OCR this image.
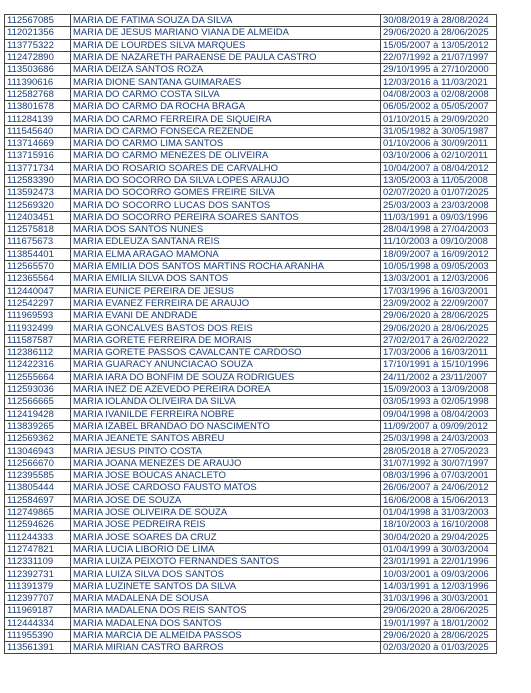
112567085	MARIA DE FATIMA SOUZA DA SILVA	30/08/2019 à 28/08/2024
112021356	MARIA DE JESUS MARIANO VIANA DE ALMEIDA	29/06/2020 à 28/06/2025
113775322	MARIA DE LOURDES SILVA MARQUES	15/05/2007 à 13/05/2012
112472890	MARIA DE NAZARETH PARAENSE DE PAULA CASTRO	22/07/1992 à 21/07/1997
113503686	MARIA DEIZA SANTOS ROZA	29/10/1995 à 27/10/2000
111390616	MARIA DIONE SANTANA GUIMARAES	12/03/2016 à 11/03/2021
112582768	MARIA DO CARMO COSTA SILVA	04/08/2003 à 02/08/2008
113801678	MARIA DO CARMO DA ROCHA BRAGA	06/05/2002 à 05/05/2007
111284139	MARIA DO CARMO FERREIRA DE SIQUEIRA	01/10/2015 à 29/09/2020
111545640	MARIA DO CARMO FONSECA REZENDE	31/05/1982 à 30/05/1987
113714669	MARIA DO CARMO LIMA SANTOS	01/10/2006 à 30/09/2011
113715916	MARIA DO CARMO MENEZES DE OLIVEIRA	03/10/2006 à 02/10/2011
113771734	MARIA DO ROSARIO SOARES DE CARVALHO	10/04/2007 à 08/04/2012
112583390	MARIA DO SOCORRO DA SILVA LOPES ARAUJO	13/05/2003 à 11/05/2008
113592473	MARIA DO SOCORRO GOMES FREIRE SILVA	02/07/2020 à 01/07/2025
112569320	MARIA DO SOCORRO LUCAS DOS SANTOS	25/03/2003 à 23/03/2008
112403451	MARIA DO SOCORRO PEREIRA SOARES SANTOS	11/03/1991 à 09/03/1996
112575818	MARIA DOS SANTOS NUNES	28/04/1998 à 27/04/2003
111675673	MARIA EDLEUZA SANTANA REIS	11/10/2003 à 09/10/2008
113854401	MARIA ELMA ARAGAO MAMONA	18/09/2007 à 16/09/2012
112565570	MARIA EMILIA DOS SANTOS MARTINS ROCHA ARANHA	10/05/1998 à 09/05/2003
112365564	MARIA EMILIA SILVA DOS SANTOS	13/03/2001 à 12/03/2006
112440047	MARIA EUNICE PEREIRA DE JESUS	17/03/1996 à 16/03/2001
112542297	MARIA EVANEZ FERREIRA DE ARAUJO	23/09/2002 à 22/09/2007
111969593	MARIA EVANI DE ANDRADE	29/06/2020 à 28/06/2025
111932499	MARIA GONCALVES BASTOS DOS REIS	29/06/2020 à 28/06/2025
111587587	MARIA GORETE FERREIRA DE MORAIS	27/02/2017 à 26/02/2022
112386112	MARIA GORETE PASSOS CAVALCANTE CARDOSO	17/03/2006 à 16/03/2011
112422316	MARIA GUARACY ANUNCIACAO SOUZA	17/10/1991 à 15/10/1996
112555664	MARIA IARA DO BONFIM DE SOUZA RODRIGUES	24/11/2002 à 23/11/2007
112593036	MARIA INEZ DE AZEVEDO PEREIRA DOREA	15/09/2003 à 13/09/2008
112566665	MARIA IOLANDA OLIVEIRA DA SILVA	03/05/1993 à 02/05/1998
112419428	MARIA IVANILDE FERREIRA NOBRE	09/04/1998 à 08/04/2003
113839265	MARIA IZABEL BRANDAO DO NASCIMENTO	11/09/2007 à 09/09/2012
112569362	MARIA JEANETE SANTOS ABREU	25/03/1998 à 24/03/2003
113046943	MARIA JESUS PINTO COSTA	28/05/2018 à 27/05/2023
112566670	MARIA JOANA MENEZES DE ARAUJO	31/07/1992 à 30/07/1997
112395585	MARIA JOSE BOUCAS ANACLETO	08/03/1996 à 07/03/2001
113805444	MARIA JOSE CARDOSO FAUSTO MATOS	26/06/2007 à 24/06/2012
112584697	MARIA JOSE DE SOUZA	16/06/2008 à 15/06/2013
112749865	MARIA JOSE OLIVEIRA DE SOUZA	01/04/1998 à 31/03/2003
112594626	MARIA JOSE PEDREIRA REIS	18/10/2003 à 16/10/2008
111244333	MARIA JOSE SOARES DA CRUZ	30/04/2020 à 29/04/2025
112747821	MARIA LUCIA LIBORIO DE LIMA	01/04/1999 à 30/03/2004
112331109	MARIA LUIZA PEIXOTO FERNANDES SANTOS	23/01/1991 à 22/01/1996
112392731	MARIA LUIZA SILVA DOS SANTOS	10/03/2001 à 09/03/2006
111391379	MARIA LUZINETE SANTOS DA SILVA	14/03/1991 à 12/03/1996
112397707	MARIA MADALENA DE SOUSA	31/03/1996 à 30/03/2001
111969187	MARIA MADALENA DOS REIS SANTOS	29/06/2020 à 28/06/2025
112444334	MARIA MADALENA DOS SANTOS	19/01/1997 à 18/01/2002
111955390	MARIA MARCIA DE ALMEIDA PASSOS	29/06/2020 à 28/06/2025
113561391	MARIA MIRIAN CASTRO BARROS	02/03/2020 à 01/03/2025
